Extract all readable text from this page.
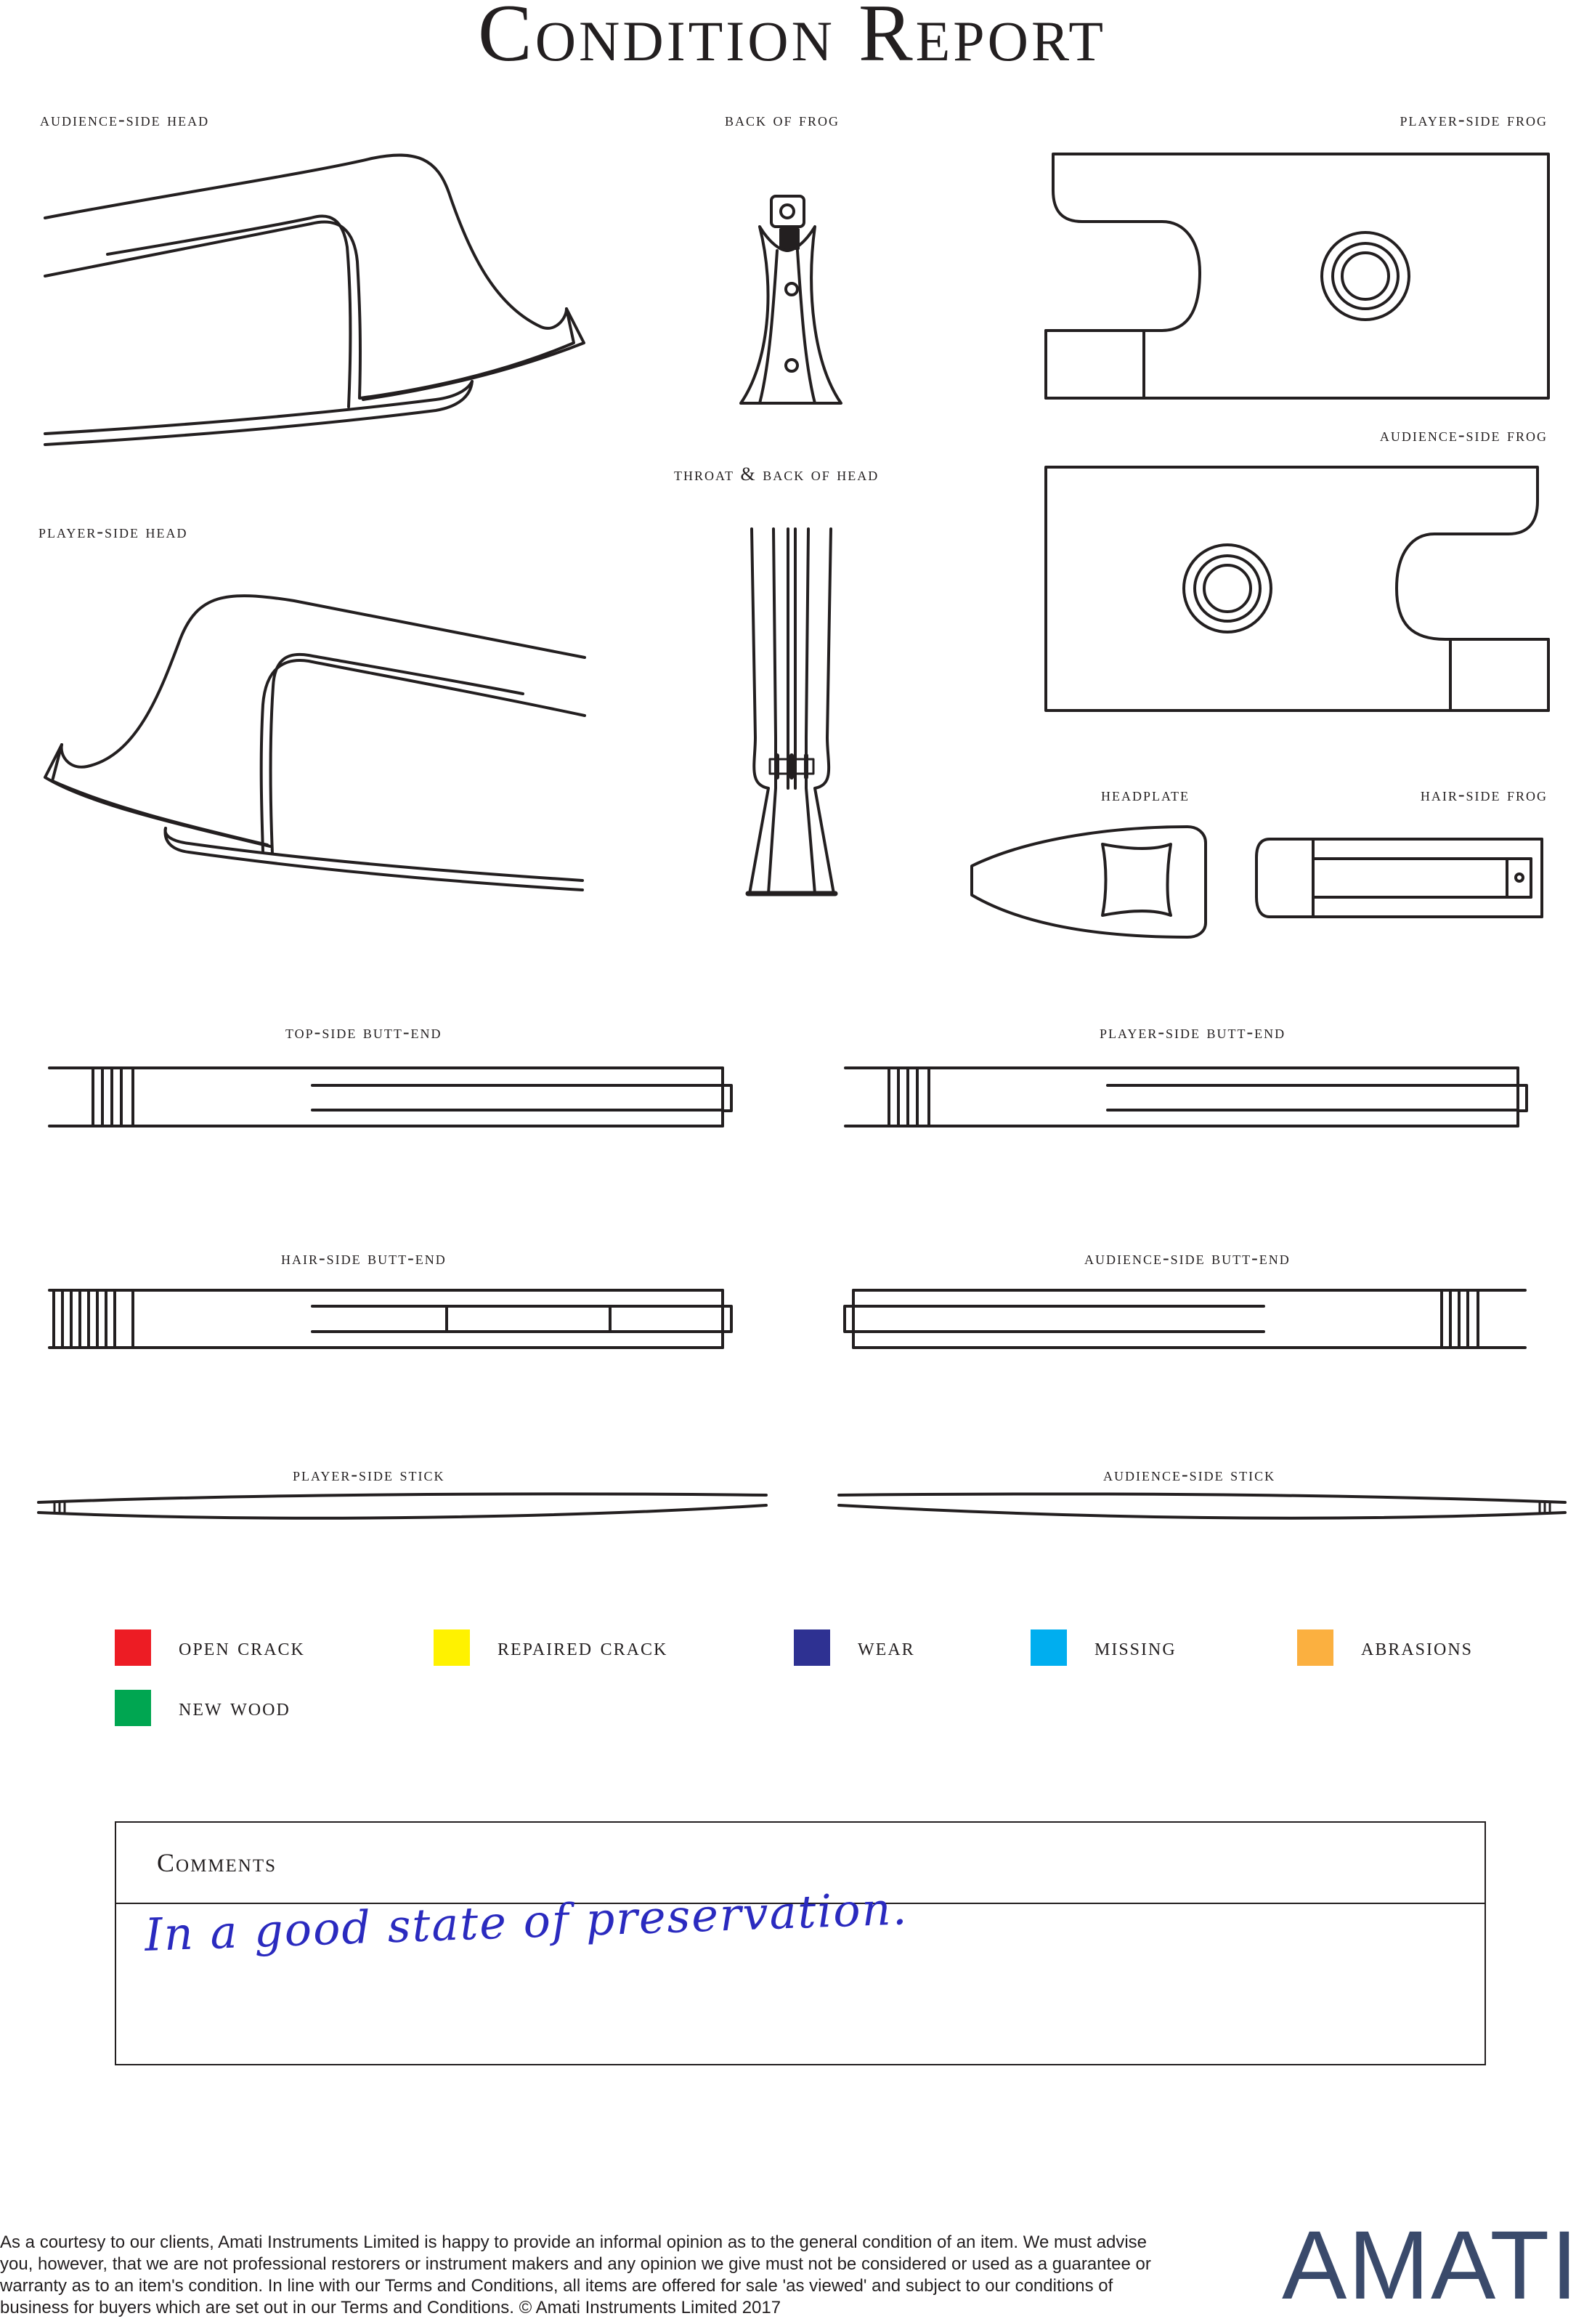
Condition Report
audience-side head	back of frog	player-side frog
audience-side frog
throat & back of head
player-side head
headplate	hair-side frog
top-side butt-end	player-side butt-end
hair-side butt-end	audience-side butt-end
player-side stick	audience-side stick
open crack	repaired crack	wear	missing	abrasions
new wood
Comments
In a good state of preservation.
As a courtesy to our clients, Amati Instruments Limited is happy to provide an informal opinion as to the general condition of an item. We must advise you, however, that we are not professional restorers or instrument makers and any opinion we give must not be considered or used as a guarantee or warranty as to an item's condition. In line with our Terms and Conditions, all items are offered for sale 'as viewed' and subject to our conditions of business for buyers which are set out in our Terms and Conditions. © Amati Instruments Limited 2017	AMATI
